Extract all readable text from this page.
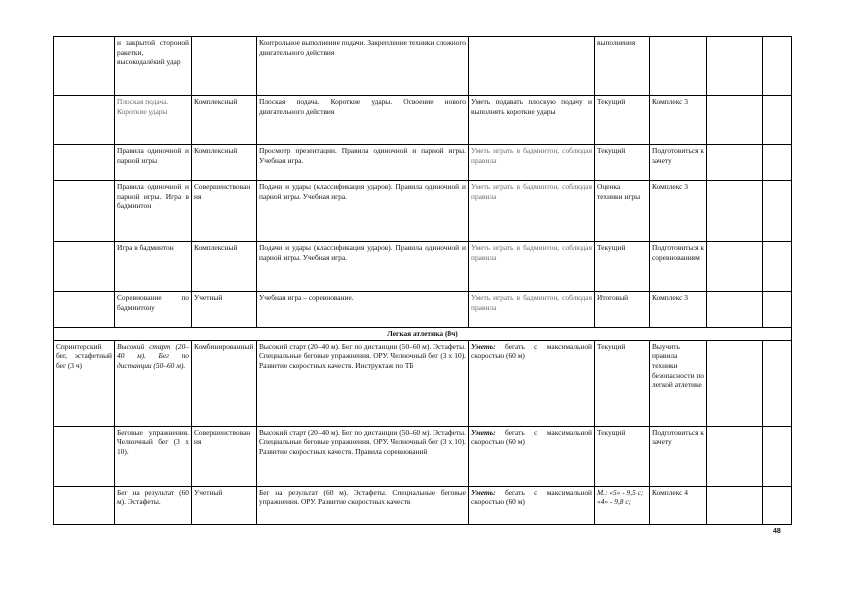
	и закрытой стороной ракетки, высокодалёкий удар		Контрольное выполнение подачи. Закрепление техники сложного двигательного действия		выполнения			
	Плоская подача. Короткие удары	Комплексный	Плоская подача. Короткие удары. Освоение нового двигательного действия	Уметь подавать плоскую подачу и выполнять короткие удары	Текущий	Комплекс 3		
	Правила одиночной и парной игры	Комплексный	Просмотр презентации. Правила одиночной и парной игры. Учебная игра.	Уметь играть в бадминтон, соблюдая правила	Текущий	Подготовиться к зачету		
	Правила одиночной и парной игры. Игра в бадминтон	Совершенствования	Подачи и удары (классификация ударов). Правила одиночной и парной игры. Учебная игра.	Уметь играть в бадминтон, соблюдая правила	Оценка техники игры	Комплекс 3		
	Игра в бадминтон	Комплексный	Подачи и удары (классификация ударов). Правила одиночной и парной игры. Учебная игра.	Уметь играть в бадминтон, соблюдая правила	Текущий	Подготовиться к соревнованиям		
	Соревнование по бадминтону	Учетный	Учебная игра – соревнование.	Уметь играть в бадминтон, соблюдая правила	Итоговый	Комплекс 3		
Легкая атлетика (8ч)								
Спринтерский бег, эстафетный бег (3 ч)	Высокий старт (20–40 м). Бег по дистанции (50–60 м).	Комбинированный	Высокий старт (20–40 м). Бег по дистанции (50–60 м). Эстафеты. Специальные беговые упражнения. ОРУ. Челночный бег (3 х 10). Развитие скоростных качеств. Инструктаж по ТБ	Уметь: бегать с максимальной скоростью (60 м)	Текущий	Выучить правила техники безопасности по легкой атлетике		
	Беговые упражнения. Челночный бег (3 х 10).	Совершенствования	Высокий старт (20–40 м). Бег по дистанции (50–60 м). Эстафеты. Специальные беговые упражнения. ОРУ. Челночный бег (3 х 10). Развитие скоростных качеств. Правила соревнований	Уметь: бегать с максимальной скоростью (60 м)	Текущий	Подготовиться к зачету		
	Бег на результат (60 м). Эстафеты.	Учетный	Бег на результат (60 м). Эстафеты. Специальные беговые упражнения. ОРУ. Развитие скоростных качеств	Уметь: бегать с максимальной скоростью (60 м)	М.: «5» - 9,5 с; «4» - 9,8 с;	Комплекс 4		
48
